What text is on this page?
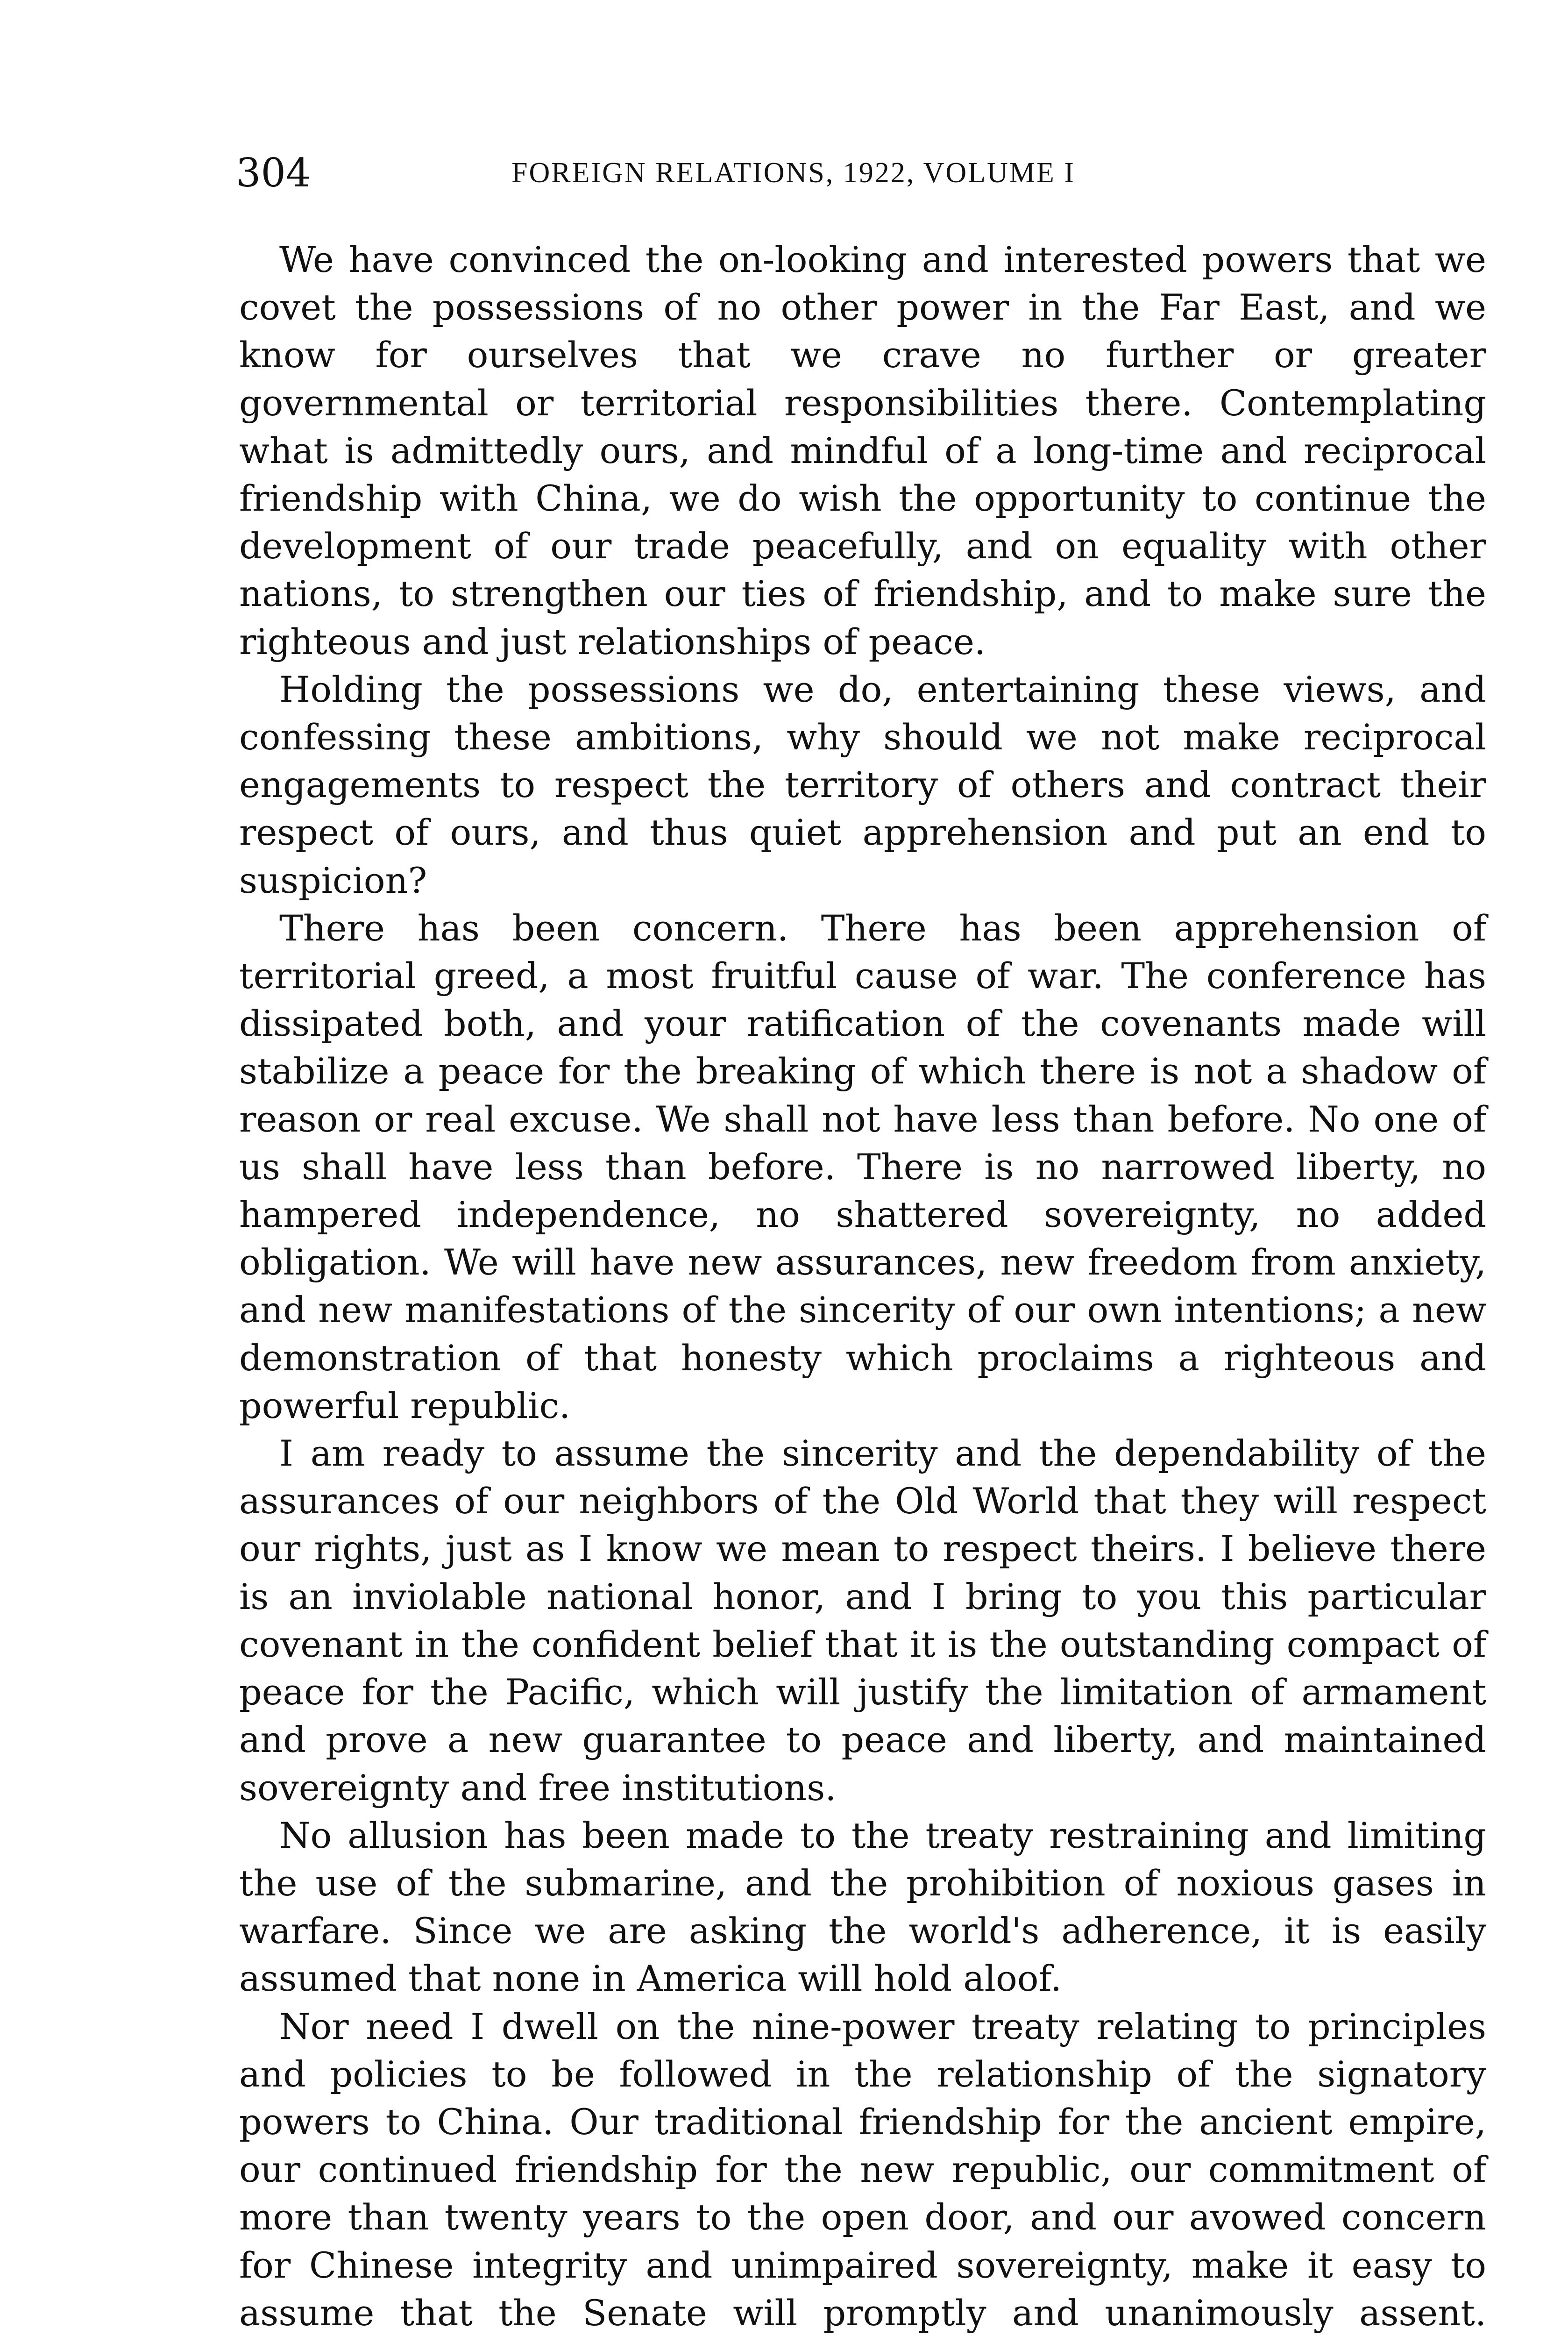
304	FOREIGN RELATIONS, 1922, VOLUME I

We have convinced the on-looking and interested powers that we covet the possessions of no other power in the Far East, and we know for ourselves that we crave no further or greater governmental or territorial responsibilities there. Contemplating what is admittedly ours, and mindful of a long-time and reciprocal friendship with China, we do wish the opportunity to continue the development of our trade peacefully, and on equality with other nations, to strengthen our ties of friendship, and to make sure the righteous and just relationships of peace.

Holding the possessions we do, entertaining these views, and confessing these ambitions, why should we not make reciprocal engagements to respect the territory of others and contract their respect of ours, and thus quiet apprehension and put an end to suspicion?

There has been concern. There has been apprehension of territorial greed, a most fruitful cause of war. The conference has dissipated both, and your ratification of the covenants made will stabilize a peace for the breaking of which there is not a shadow of reason or real excuse. We shall not have less than before. No one of us shall have less than before. There is no narrowed liberty, no hampered independence, no shattered sovereignty, no added obligation. We will have new assurances, new freedom from anxiety, and new manifestations of the sincerity of our own intentions; a new demonstration of that honesty which proclaims a righteous and powerful republic.

I am ready to assume the sincerity and the dependability of the assurances of our neighbors of the Old World that they will respect our rights, just as I know we mean to respect theirs. I believe there is an inviolable national honor, and I bring to you this particular covenant in the confident belief that it is the outstanding compact of peace for the Pacific, which will justify the limitation of armament and prove a new guarantee to peace and liberty, and maintained sovereignty and free institutions.

No allusion has been made to the treaty restraining and limiting the use of the submarine, and the prohibition of noxious gases in warfare. Since we are asking the world's adherence, it is easily assumed that none in America will hold aloof.

Nor need I dwell on the nine-power treaty relating to principles and policies to be followed in the relationship of the signatory powers to China. Our traditional friendship for the ancient empire, our continued friendship for the new republic, our commitment of more than twenty years to the open door, and our avowed concern for Chinese integrity and unimpaired sovereignty, make it easy to assume that the Senate will promptly and unanimously assent.
